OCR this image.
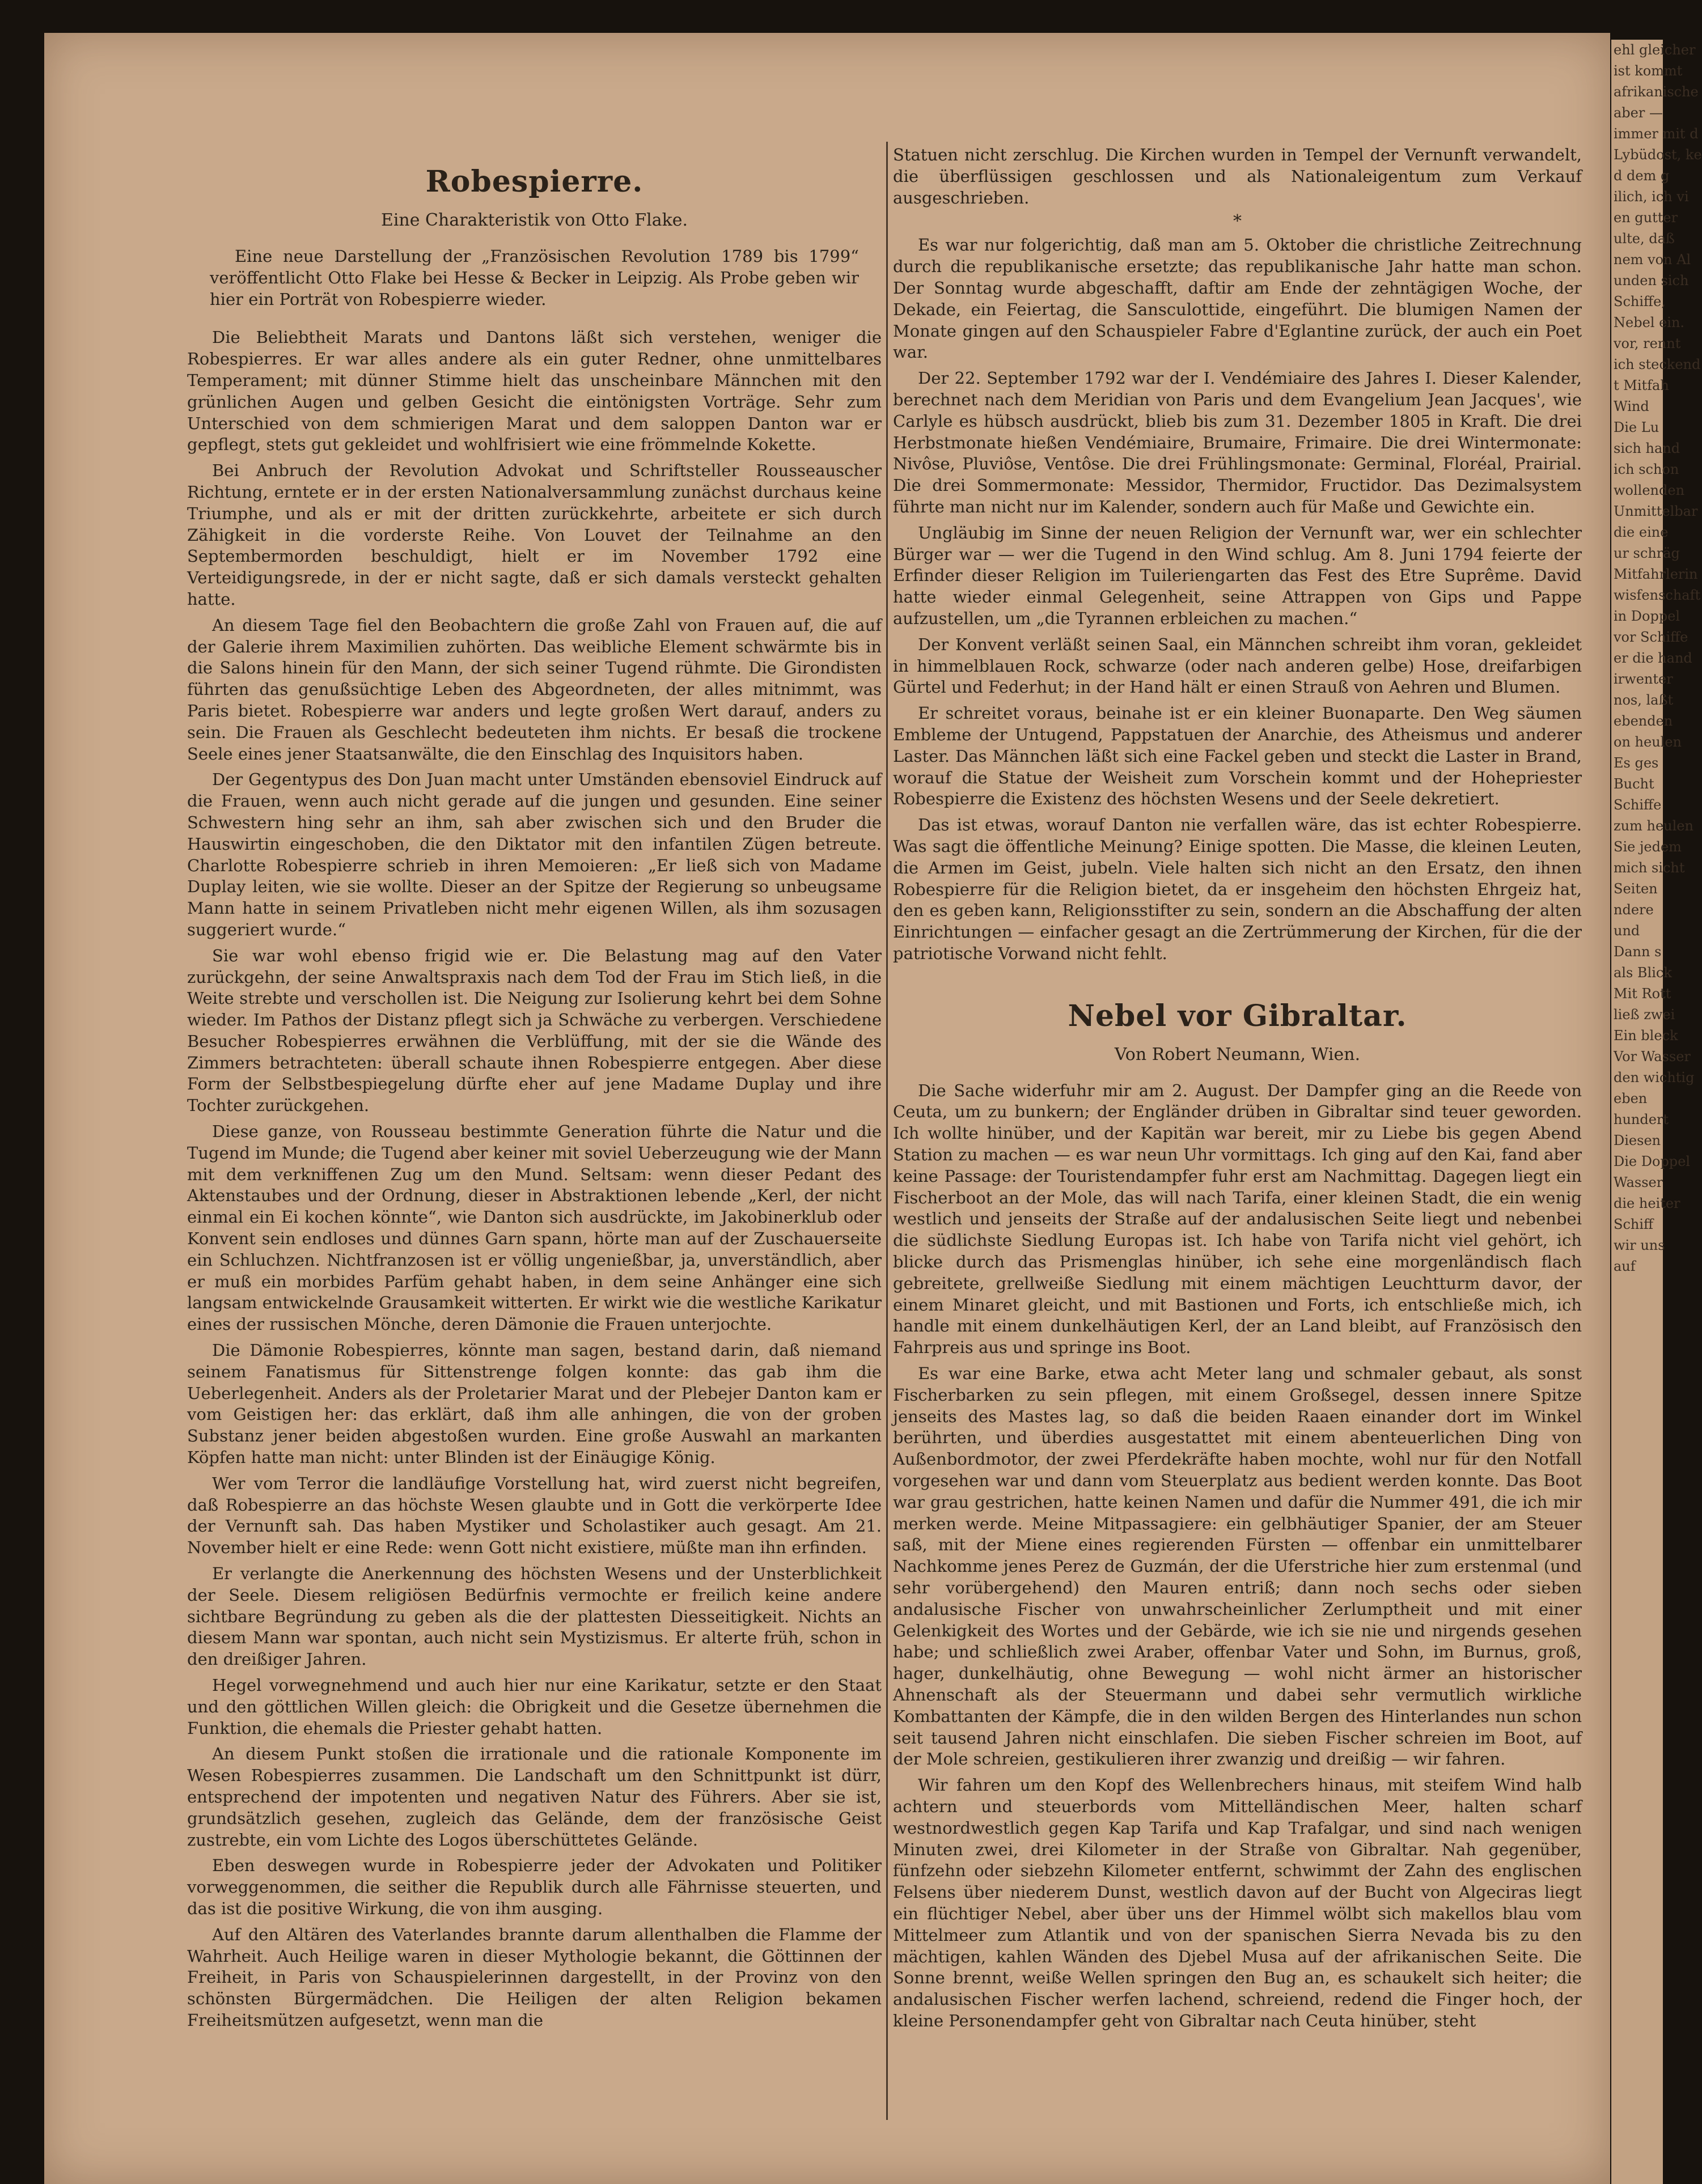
Robespierre.
Eine Charakteristik von Otto Flake.

Eine neue Darstellung der „Französischen Revolution 1789 bis 1799“ veröffentlicht Otto Flake bei Hesse & Becker in Leipzig. Als Probe geben wir hier ein Porträt von Robespierre wieder.

Die Beliebtheit Marats und Dantons läßt sich verstehen, weniger die Robespierres. Er war alles andere als ein guter Redner, ohne unmittelbares Temperament; mit dünner Stimme hielt das unscheinbare Männchen mit den grünlichen Augen und gelben Gesicht die eintönigsten Vorträge. Sehr zum Unterschied von dem schmierigen Marat und dem saloppen Danton war er gepflegt, stets gut gekleidet und wohlfrisiert wie eine frömmelnde Kokette.

Bei Anbruch der Revolution Advokat und Schriftsteller Rousseauscher Richtung, erntete er in der ersten Nationalversammlung zunächst durchaus keine Triumphe, und als er mit der dritten zurückkehrte, arbeitete er sich durch Zähigkeit in die vorderste Reihe. Von Louvet der Teilnahme an den Septembermorden beschuldigt, hielt er im November 1792 eine Verteidigungsrede, in der er nicht sagte, daß er sich damals versteckt gehalten hatte.

An diesem Tage fiel den Beobachtern die große Zahl von Frauen auf, die auf der Galerie ihrem Maximilien zuhörten. Das weibliche Element schwärmte bis in die Salons hinein für den Mann, der sich seiner Tugend rühmte. Die Girondisten führten das genußsüchtige Leben des Abgeordneten, der alles mitnimmt, was Paris bietet. Robespierre war anders und legte großen Wert darauf, anders zu sein. Die Frauen als Geschlecht bedeuteten ihm nichts. Er besaß die trockene Seele eines jener Staatsanwälte, die den Einschlag des Inquisitors haben.

Der Gegentypus des Don Juan macht unter Umständen ebensoviel Eindruck auf die Frauen, wenn auch nicht gerade auf die jungen und gesunden. Eine seiner Schwestern hing sehr an ihm, sah aber zwischen sich und den Bruder die Hauswirtin eingeschoben, die den Diktator mit den infantilen Zügen betreute. Charlotte Robespierre schrieb in ihren Memoieren: „Er ließ sich von Madame Duplay leiten, wie sie wollte. Dieser an der Spitze der Regierung so unbeugsame Mann hatte in seinem Privatleben nicht mehr eigenen Willen, als ihm sozusagen suggeriert wurde.“

Sie war wohl ebenso frigid wie er. Die Belastung mag auf den Vater zurückgehn, der seine Anwaltspraxis nach dem Tod der Frau im Stich ließ, in die Weite strebte und verschollen ist. Die Neigung zur Isolierung kehrt bei dem Sohne wieder. Im Pathos der Distanz pflegt sich ja Schwäche zu verbergen. Verschiedene Besucher Robespierres erwähnen die Verblüffung, mit der sie die Wände des Zimmers betrachteten: überall schaute ihnen Robespierre entgegen. Aber diese Form der Selbstbespiegelung dürfte eher auf jene Madame Duplay und ihre Tochter zurückgehen.

Diese ganze, von Rousseau bestimmte Generation führte die Natur und die Tugend im Munde; die Tugend aber keiner mit soviel Ueberzeugung wie der Mann mit dem verkniffenen Zug um den Mund. Seltsam: wenn dieser Pedant des Aktenstaubes und der Ordnung, dieser in Abstraktionen lebende „Kerl, der nicht einmal ein Ei kochen könnte“, wie Danton sich ausdrückte, im Jakobinerklub oder Konvent sein endloses und dünnes Garn spann, hörte man auf der Zuschauerseite ein Schluchzen. Nichtfranzosen ist er völlig ungenießbar, ja, unverständlich, aber er muß ein morbides Parfüm gehabt haben, in dem seine Anhänger eine sich langsam entwickelnde Grausamkeit witterten. Er wirkt wie die westliche Karikatur eines der russischen Mönche, deren Dämonie die Frauen unterjochte.

Die Dämonie Robespierres, könnte man sagen, bestand darin, daß niemand seinem Fanatismus für Sittenstrenge folgen konnte: das gab ihm die Ueberlegenheit. Anders als der Proletarier Marat und der Plebejer Danton kam er vom Geistigen her: das erklärt, daß ihm alle anhingen, die von der groben Substanz jener beiden abgestoßen wurden. Eine große Auswahl an markanten Köpfen hatte man nicht: unter Blinden ist der Einäugige König.

Wer vom Terror die landläufige Vorstellung hat, wird zuerst nicht begreifen, daß Robespierre an das höchste Wesen glaubte und in Gott die verkörperte Idee der Vernunft sah. Das haben Mystiker und Scholastiker auch gesagt. Am 21. November hielt er eine Rede: wenn Gott nicht existiere, müßte man ihn erfinden.

Er verlangte die Anerkennung des höchsten Wesens und der Unsterblichkeit der Seele. Diesem religiösen Bedürfnis vermochte er freilich keine andere sichtbare Begründung zu geben als die der plattesten Diesseitigkeit. Nichts an diesem Mann war spontan, auch nicht sein Mystizismus. Er alterte früh, schon in den dreißiger Jahren.

Hegel vorwegnehmend und auch hier nur eine Karikatur, setzte er den Staat und den göttlichen Willen gleich: die Obrigkeit und die Gesetze übernehmen die Funktion, die ehemals die Priester gehabt hatten.

An diesem Punkt stoßen die irrationale und die rationale Komponente im Wesen Robespierres zusammen. Die Landschaft um den Schnittpunkt ist dürr, entsprechend der impotenten und negativen Natur des Führers. Aber sie ist, grundsätzlich gesehen, zugleich das Gelände, dem der französische Geist zustrebte, ein vom Lichte des Logos überschüttetes Gelände.

Eben deswegen wurde in Robespierre jeder der Advokaten und Politiker vorweggenommen, die seither die Republik durch alle Fährnisse steuerten, und das ist die positive Wirkung, die von ihm ausging.

Auf den Altären des Vaterlandes brannte darum allenthalben die Flamme der Wahrheit. Auch Heilige waren in dieser Mythologie bekannt, die Göttinnen der Freiheit, in Paris von Schauspielerinnen dargestellt, in der Provinz von den schönsten Bürgermädchen. Die Heiligen der alten Religion bekamen Freiheitsmützen aufgesetzt, wenn man die

Statuen nicht zerschlug. Die Kirchen wurden in Tempel der Vernunft verwandelt, die überflüssigen geschlossen und als Nationaleigentum zum Verkauf ausgeschrieben.

*

Es war nur folgerichtig, daß man am 5. Oktober die christliche Zeitrechnung durch die republikanische ersetzte; das republikanische Jahr hatte man schon. Der Sonntag wurde abgeschafft, daftir am Ende der zehntägigen Woche, der Dekade, ein Feiertag, die Sansculottide, eingeführt. Die blumigen Namen der Monate gingen auf den Schauspieler Fabre d'Eglantine zurück, der auch ein Poet war.

Der 22. September 1792 war der I. Vendémiaire des Jahres I. Dieser Kalender, berechnet nach dem Meridian von Paris und dem Evangelium Jean Jacques', wie Carlyle es hübsch ausdrückt, blieb bis zum 31. Dezember 1805 in Kraft. Die drei Herbstmonate hießen Vendémiaire, Brumaire, Frimaire. Die drei Wintermonate: Nivôse, Pluviôse, Ventôse. Die drei Frühlingsmonate: Germinal, Floréal, Prairial. Die drei Sommermonate: Messidor, Thermidor, Fructidor. Das Dezimalsystem führte man nicht nur im Kalender, sondern auch für Maße und Gewichte ein.

Ungläubig im Sinne der neuen Religion der Vernunft war, wer ein schlechter Bürger war — wer die Tugend in den Wind schlug. Am 8. Juni 1794 feierte der Erfinder dieser Religion im Tuileriengarten das Fest des Etre Suprême. David hatte wieder einmal Gelegenheit, seine Attrappen von Gips und Pappe aufzustellen, um „die Tyrannen erbleichen zu machen.“

Der Konvent verläßt seinen Saal, ein Männchen schreibt ihm voran, gekleidet in himmelblauen Rock, schwarze (oder nach anderen gelbe) Hose, dreifarbigen Gürtel und Federhut; in der Hand hält er einen Strauß von Aehren und Blumen.

Er schreitet voraus, beinahe ist er ein kleiner Buonaparte. Den Weg säumen Embleme der Untugend, Pappstatuen der Anarchie, des Atheismus und anderer Laster. Das Männchen läßt sich eine Fackel geben und steckt die Laster in Brand, worauf die Statue der Weisheit zum Vorschein kommt und der Hohepriester Robespierre die Existenz des höchsten Wesens und der Seele dekretiert.

Das ist etwas, worauf Danton nie verfallen wäre, das ist echter Robespierre. Was sagt die öffentliche Meinung? Einige spotten. Die Masse, die kleinen Leuten, die Armen im Geist, jubeln. Viele halten sich nicht an den Ersatz, den ihnen Robespierre für die Religion bietet, da er insgeheim den höchsten Ehrgeiz hat, den es geben kann, Religionsstifter zu sein, sondern an die Abschaffung der alten Einrichtungen — einfacher gesagt an die Zertrümmerung der Kirchen, für die der patriotische Vorwand nicht fehlt.

Nebel vor Gibraltar.
Von Robert Neumann, Wien.

Die Sache widerfuhr mir am 2. August. Der Dampfer ging an die Reede von Ceuta, um zu bunkern; der Engländer drüben in Gibraltar sind teuer geworden. Ich wollte hinüber, und der Kapitän war bereit, mir zu Liebe bis gegen Abend Station zu machen — es war neun Uhr vormittags. Ich ging auf den Kai, fand aber keine Passage: der Touristendampfer fuhr erst am Nachmittag. Dagegen liegt ein Fischerboot an der Mole, das will nach Tarifa, einer kleinen Stadt, die ein wenig westlich und jenseits der Straße auf der andalusischen Seite liegt und nebenbei die südlichste Siedlung Europas ist. Ich habe von Tarifa nicht viel gehört, ich blicke durch das Prismenglas hinüber, ich sehe eine morgenländisch flach gebreitete, grellweiße Siedlung mit einem mächtigen Leuchtturm davor, der einem Minaret gleicht, und mit Bastionen und Forts, ich entschließe mich, ich handle mit einem dunkelhäutigen Kerl, der an Land bleibt, auf Französisch den Fahrpreis aus und springe ins Boot.

Es war eine Barke, etwa acht Meter lang und schmaler gebaut, als sonst Fischerbarken zu sein pflegen, mit einem Großsegel, dessen innere Spitze jenseits des Mastes lag, so daß die beiden Raaen einander dort im Winkel berührten, und überdies ausgestattet mit einem abenteuerlichen Ding von Außenbordmotor, der zwei Pferdekräfte haben mochte, wohl nur für den Notfall vorgesehen war und dann vom Steuerplatz aus bedient werden konnte. Das Boot war grau gestrichen, hatte keinen Namen und dafür die Nummer 491, die ich mir merken werde. Meine Mitpassagiere: ein gelbhäutiger Spanier, der am Steuer saß, mit der Miene eines regierenden Fürsten — offenbar ein unmittelbarer Nachkomme jenes Perez de Guzmán, der die Uferstriche hier zum erstenmal (und sehr vorübergehend) den Mauren entriß; dann noch sechs oder sieben andalusische Fischer von unwahrscheinlicher Zerlumptheit und mit einer Gelenkigkeit des Wortes und der Gebärde, wie ich sie nie und nirgends gesehen habe; und schließlich zwei Araber, offenbar Vater und Sohn, im Burnus, groß, hager, dunkelhäutig, ohne Bewegung — wohl nicht ärmer an historischer Ahnenschaft als der Steuermann und dabei sehr vermutlich wirkliche Kombattanten der Kämpfe, die in den wilden Bergen des Hinterlandes nun schon seit tausend Jahren nicht einschlafen. Die sieben Fischer schreien im Boot, auf der Mole schreien, gestikulieren ihrer zwanzig und dreißig — wir fahren.

Wir fahren um den Kopf des Wellenbrechers hinaus, mit steifem Wind halb achtern und steuerbords vom Mittelländischen Meer, halten scharf westnordwestlich gegen Kap Tarifa und Kap Trafalgar, und sind nach wenigen Minuten zwei, drei Kilometer in der Straße von Gibraltar. Nah gegenüber, fünfzehn oder siebzehn Kilometer entfernt, schwimmt der Zahn des englischen Felsens über niederem Dunst, westlich davon auf der Bucht von Algeciras liegt ein flüchtiger Nebel, aber über uns der Himmel wölbt sich makellos blau vom Mittelmeer zum Atlantik und von der spanischen Sierra Nevada bis zu den mächtigen, kahlen Wänden des Djebel Musa auf der afrikanischen Seite. Die Sonne brennt, weiße Wellen springen den Bug an, es schaukelt sich heiter; die andalusischen Fischer werfen lachend, schreiend, redend die Finger hoch, der kleine Personendampfer geht von Gibraltar nach Ceuta hinüber, steht

ehl gleicher
ist kommt
afrikanische
aber —
immer mit d
Lybüdost, ke
d dem g
ilich, ich vi
en gutter
ulte, daß
nem von Al
unden sich
Schiffe,
Nebel ein.
vor, rennt
ich steckend
t Mitfah
Wind
Die Lu
sich hand
ich schon
wollenden
Unmittelbar
die eine
ur schräg
Mitfahrlerin
wisfenschaft
in Doppel
vor Schiffe
er die hand
irwenter
nos, laßt
ebenden
on heulen
Es ges
Bucht
Schiffe
zum heulen
Sie jedem
mich sicht
Seiten
ndere
und
Dann s
als Blick
Mit Rott
ließ zwei
Ein bleck
Vor Wasser
den wichtig
eben
hundert
Diesen
Die Doppel
Wasser
die heiter
Schiff
wir uns
auf
